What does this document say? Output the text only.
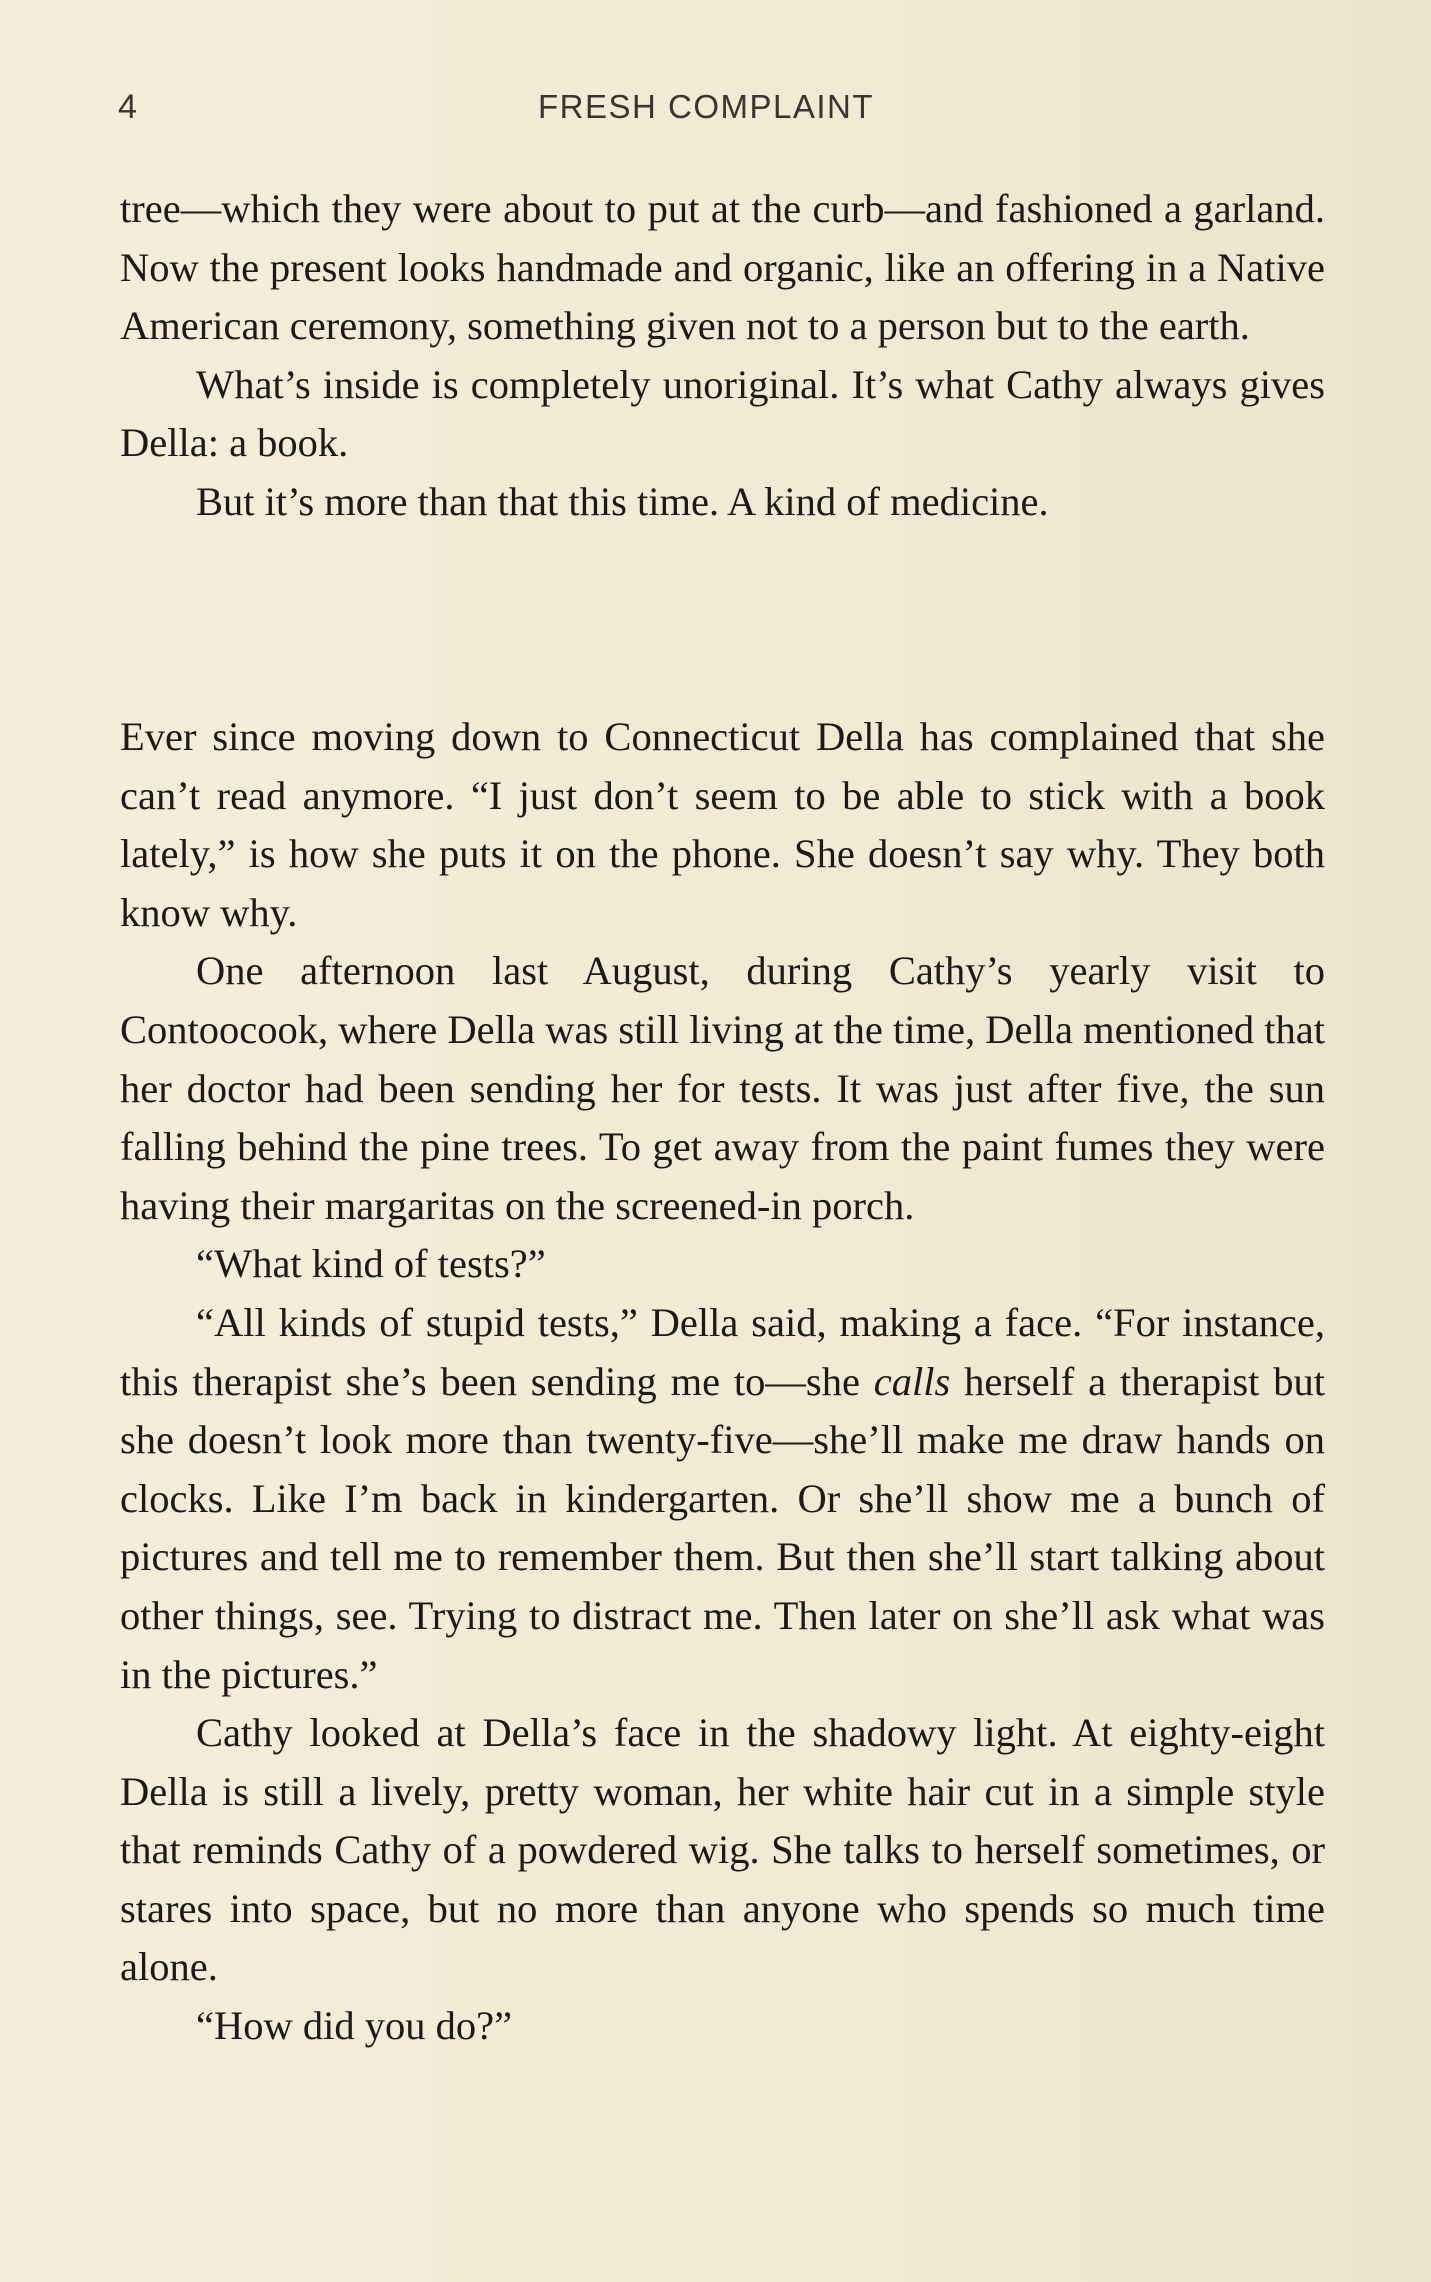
4	FRESH COMPLAINT

tree—which they were about to put at the curb—and fashioned a garland. Now the present looks handmade and organic, like an offering in a Native American ceremony, something given not to a person but to the earth.

What’s inside is completely unoriginal. It’s what Cathy always gives Della: a book.

But it’s more than that this time. A kind of medicine.

Ever since moving down to Connecticut Della has complained that she can’t read anymore. “I just don’t seem to be able to stick with a book lately,” is how she puts it on the phone. She doesn’t say why. They both know why.

One afternoon last August, during Cathy’s yearly visit to Contoocook, where Della was still living at the time, Della mentioned that her doctor had been sending her for tests. It was just after five, the sun falling behind the pine trees. To get away from the paint fumes they were having their margaritas on the screened-in porch.

“What kind of tests?”

“All kinds of stupid tests,” Della said, making a face. “For instance, this therapist she’s been sending me to—she calls herself a therapist but she doesn’t look more than twenty-five—she’ll make me draw hands on clocks. Like I’m back in kindergarten. Or she’ll show me a bunch of pictures and tell me to remember them. But then she’ll start talking about other things, see. Trying to distract me. Then later on she’ll ask what was in the pictures.”

Cathy looked at Della’s face in the shadowy light. At eighty-eight Della is still a lively, pretty woman, her white hair cut in a simple style that reminds Cathy of a powdered wig. She talks to herself sometimes, or stares into space, but no more than anyone who spends so much time alone.

“How did you do?”
